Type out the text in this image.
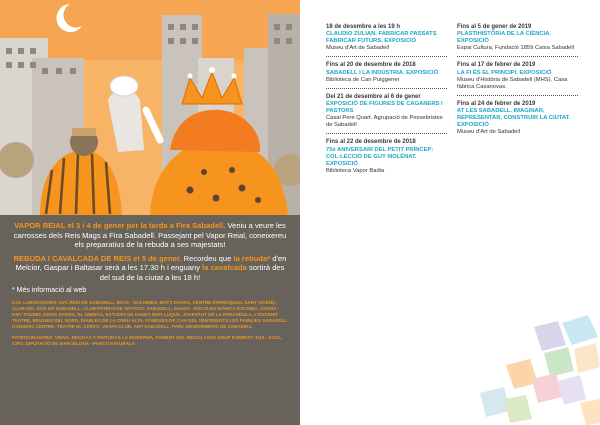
VAPOR REIAL el 3 i 4 de gener per la tarda a Fira Sabadell. Veniu a veure les carrosses dels Reis Mags a Fira Sabadell. Passejant pel Vapor Reial, coneixereu els preparatius de la rebuda a ses majestats!

REBUDA I CAVALCADA DE REIS el 5 de gener. Recordeu que la rebuda* d'en Melcior, Gaspar i Baltasar serà a les 17.30 h i enguany la cavalcada sortirà des del sud de la ciutat a les 18 h!

* Més informació al web

COL·LABORADORS: AVC REIS DE SABADELL, BICIS - OCLISMES, BOTS DANSA, CENTRE PARROQUIAL SANT VICENÇ, CLUB DEL GOS DE SABADELL, CLUB PATINATGE ARTÍSTIC SABADELL, DANSA - ESCOLES MÒNICA ESCRIBÀ, DANSA - KMY STUDIO, DRISS DANSA, EL GIMNÀS, ESTUDIO DE DANZA MAR LUQUE, JOVENTUT DE LA FARÀNDULA, L'ESCENIT TEATRE, BRUIXES DEL NORD, DIABLES DE LA CREU ALTA, FONDUES DE CAN ODI, SENTIMENTS LES FAMILIES SABADELL CONSERJ CENTRE, TEATRE EL CERVO, VESPA CLUB, ADF SABADELL, PARC DESBOMBERS DE SABADELL

PATROCINADORS: VIDNA, DROGAS Y PINTURAS LA MODERNA, FOMENT DEL RECICLATGE GRUP EVEREST, TUS - SCCL, CIPO, DIPUTACIÓ DE BARCELONA - PARCS NATURALS

18 de desembre a les 19 h
CLAUDIO ZULIAN. FABRICAR PASSATS FABRICAR FUTURS. EXPOSICIÓ
Museu d'Art de Sabadell
Fins al 20 de desembre de 2018
SABADELL I LA INDÚSTRIA. EXPOSICIÓ
Biblioteca de Can Puiggener
Del 21 de desembre al 6 de gener
EXPOSICIÓ DE FIGURES DE CAGANERS I PASTORS
Casal Pere Quart. Agrupació de Pessebristes de Sabadell
Fins al 22 de desembre de 2018
75è ANIVERSARI DEL PETIT PRÍNCEP: COL·LECCIÓ DE GUY MOLÈNAT. EXPOSICIÓ
Biblioteca Vapor Badia
Fins al 5 de gener de 2019
PLASTIHISTÒRIA DE LA CIÈNCIA. EXPOSICIÓ
Espai Cultura, Fundació 1859 Caixa Sabadell
Fins al 17 de febrer de 2019
LA FI ÉS EL PRINCIPI. EXPOSICIÓ
Museu d'Història de Sabadell (MHS). Casa fàbrica Casanovas.
Fins al 24 de febrer de 2019
AT LES SABADELL. IMAGINAR, REPRESENTAR, CONSTRUIR LA CIUTAT. EXPOSICIÓ
Museu d'Art de Sabadell
